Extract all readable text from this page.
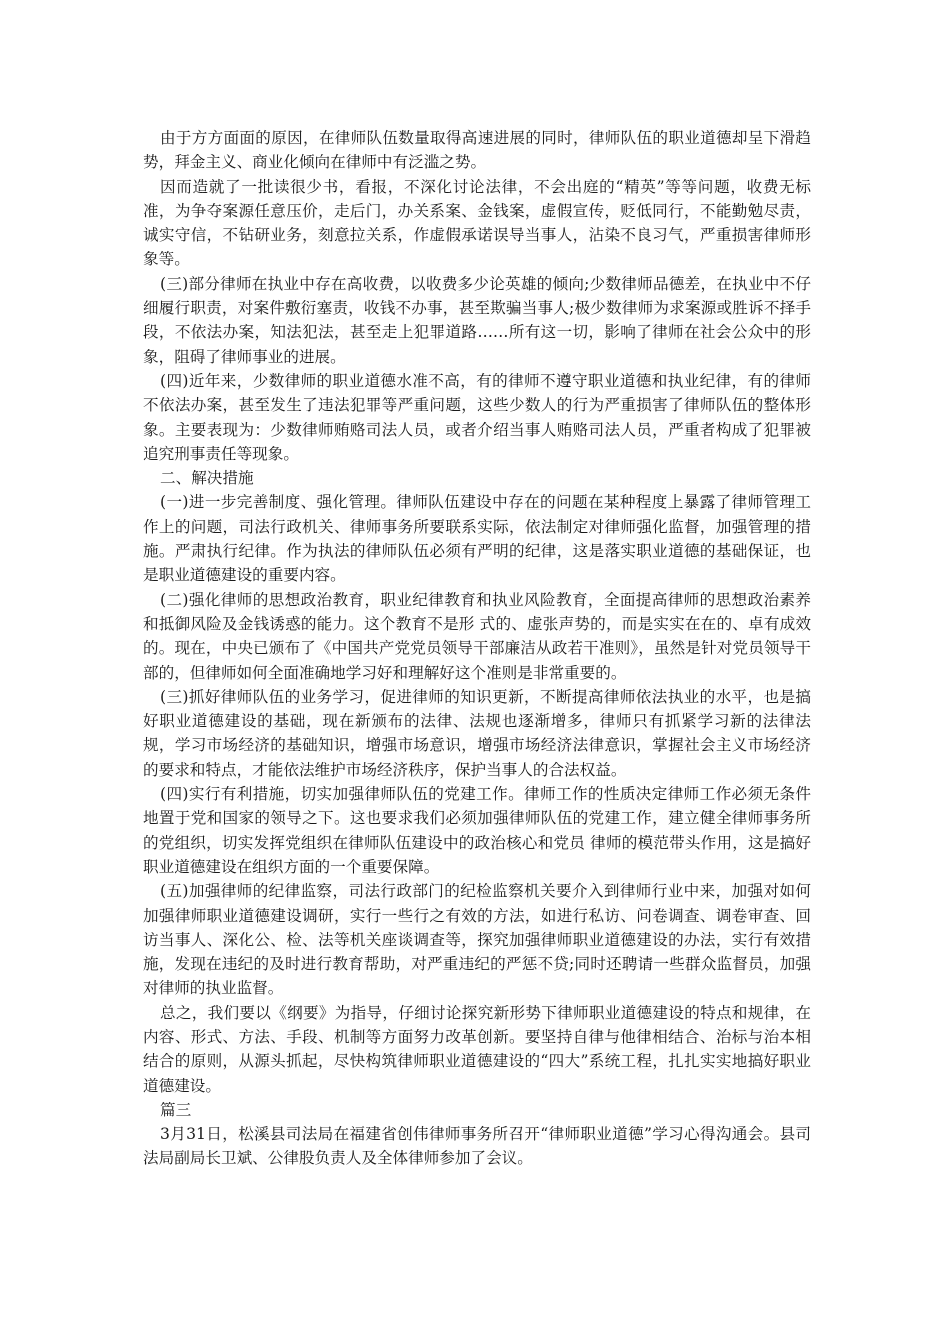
由于方方面面的原因，在律师队伍数量取得高速进展的同时，律师队伍的职业道德却呈下滑趋势，拜金主义、商业化倾向在律师中有泛滥之势。

因而造就了一批读很少书，看报，不深化讨论法律，不会出庭的“精英”等等问题，收费无标准，为争夺案源任意压价，走后门，办关系案、金钱案，虚假宣传，贬低同行，不能勤勉尽责，诚实守信，不钻研业务，刻意拉关系，作虚假承诺误导当事人，沾染不良习气，严重损害律师形象等。

(三)部分律师在执业中存在高收费，以收费多少论英雄的倾向;少数律师品德差，在执业中不仔细履行职责，对案件敷衍塞责，收钱不办事，甚至欺骗当事人;极少数律师为求案源或胜诉不择手段，不依法办案，知法犯法，甚至走上犯罪道路……所有这一切，影响了律师在社会公众中的形象，阻碍了律师事业的进展。

(四)近年来，少数律师的职业道德水准不高，有的律师不遵守职业道德和执业纪律，有的律师不依法办案，甚至发生了违法犯罪等严重问题，这些少数人的行为严重损害了律师队伍的整体形象。主要表现为：少数律师贿赂司法人员，或者介绍当事人贿赂司法人员，严重者构成了犯罪被追究刑事责任等现象。

二、解决措施

(一)进一步完善制度、强化管理。律师队伍建设中存在的问题在某种程度上暴露了律师管理工作上的问题，司法行政机关、律师事务所要联系实际，依法制定对律师强化监督，加强管理的措施。严肃执行纪律。作为执法的律师队伍必须有严明的纪律，这是落实职业道德的基础保证，也是职业道德建设的重要内容。

(二)强化律师的思想政治教育，职业纪律教育和执业风险教育，全面提高律师的思想政治素养和抵御风险及金钱诱惑的能力。这个教育不是形 式的、虚张声势的，而是实实在在的、卓有成效的。现在，中央已颁布了《中国共产党党员领导干部廉洁从政若干准则》，虽然是针对党员领导干部的，但律师如何全面准确地学习好和理解好这个准则是非常重要的。

(三)抓好律师队伍的业务学习，促进律师的知识更新，不断提高律师依法执业的水平，也是搞好职业道德建设的基础，现在新颁布的法律、法规也逐渐增多，律师只有抓紧学习新的法律法规，学习市场经济的基础知识，增强市场意识，增强市场经济法律意识，掌握社会主义市场经济的要求和特点，才能依法维护市场经济秩序，保护当事人的合法权益。

(四)实行有利措施，切实加强律师队伍的党建工作。律师工作的性质决定律师工作必须无条件地置于党和国家的领导之下。这也要求我们必须加强律师队伍的党建工作，建立健全律师事务所的党组织，切实发挥党组织在律师队伍建设中的政治核心和党员 律师的模范带头作用，这是搞好职业道德建设在组织方面的一个重要保障。

(五)加强律师的纪律监察，司法行政部门的纪检监察机关要介入到律师行业中来，加强对如何加强律师职业道德建设调研，实行一些行之有效的方法，如进行私访、问卷调查、调卷审查、回访当事人、深化公、检、法等机关座谈调查等，探究加强律师职业道德建设的办法，实行有效措施，发现在违纪的及时进行教育帮助，对严重违纪的严惩不贷;同时还聘请一些群众监督员，加强对律师的执业监督。

总之，我们要以《纲要》为指导，仔细讨论探究新形势下律师职业道德建设的特点和规律，在内容、形式、方法、手段、机制等方面努力改革创新。要坚持自律与他律相结合、治标与治本相结合的原则，从源头抓起，尽快构筑律师职业道德建设的“四大”系统工程，扎扎实实地搞好职业道德建设。

篇三

3月31日，松溪县司法局在福建省创伟律师事务所召开“律师职业道德”学习心得沟通会。县司法局副局长卫斌、公律股负责人及全体律师参加了会议。
